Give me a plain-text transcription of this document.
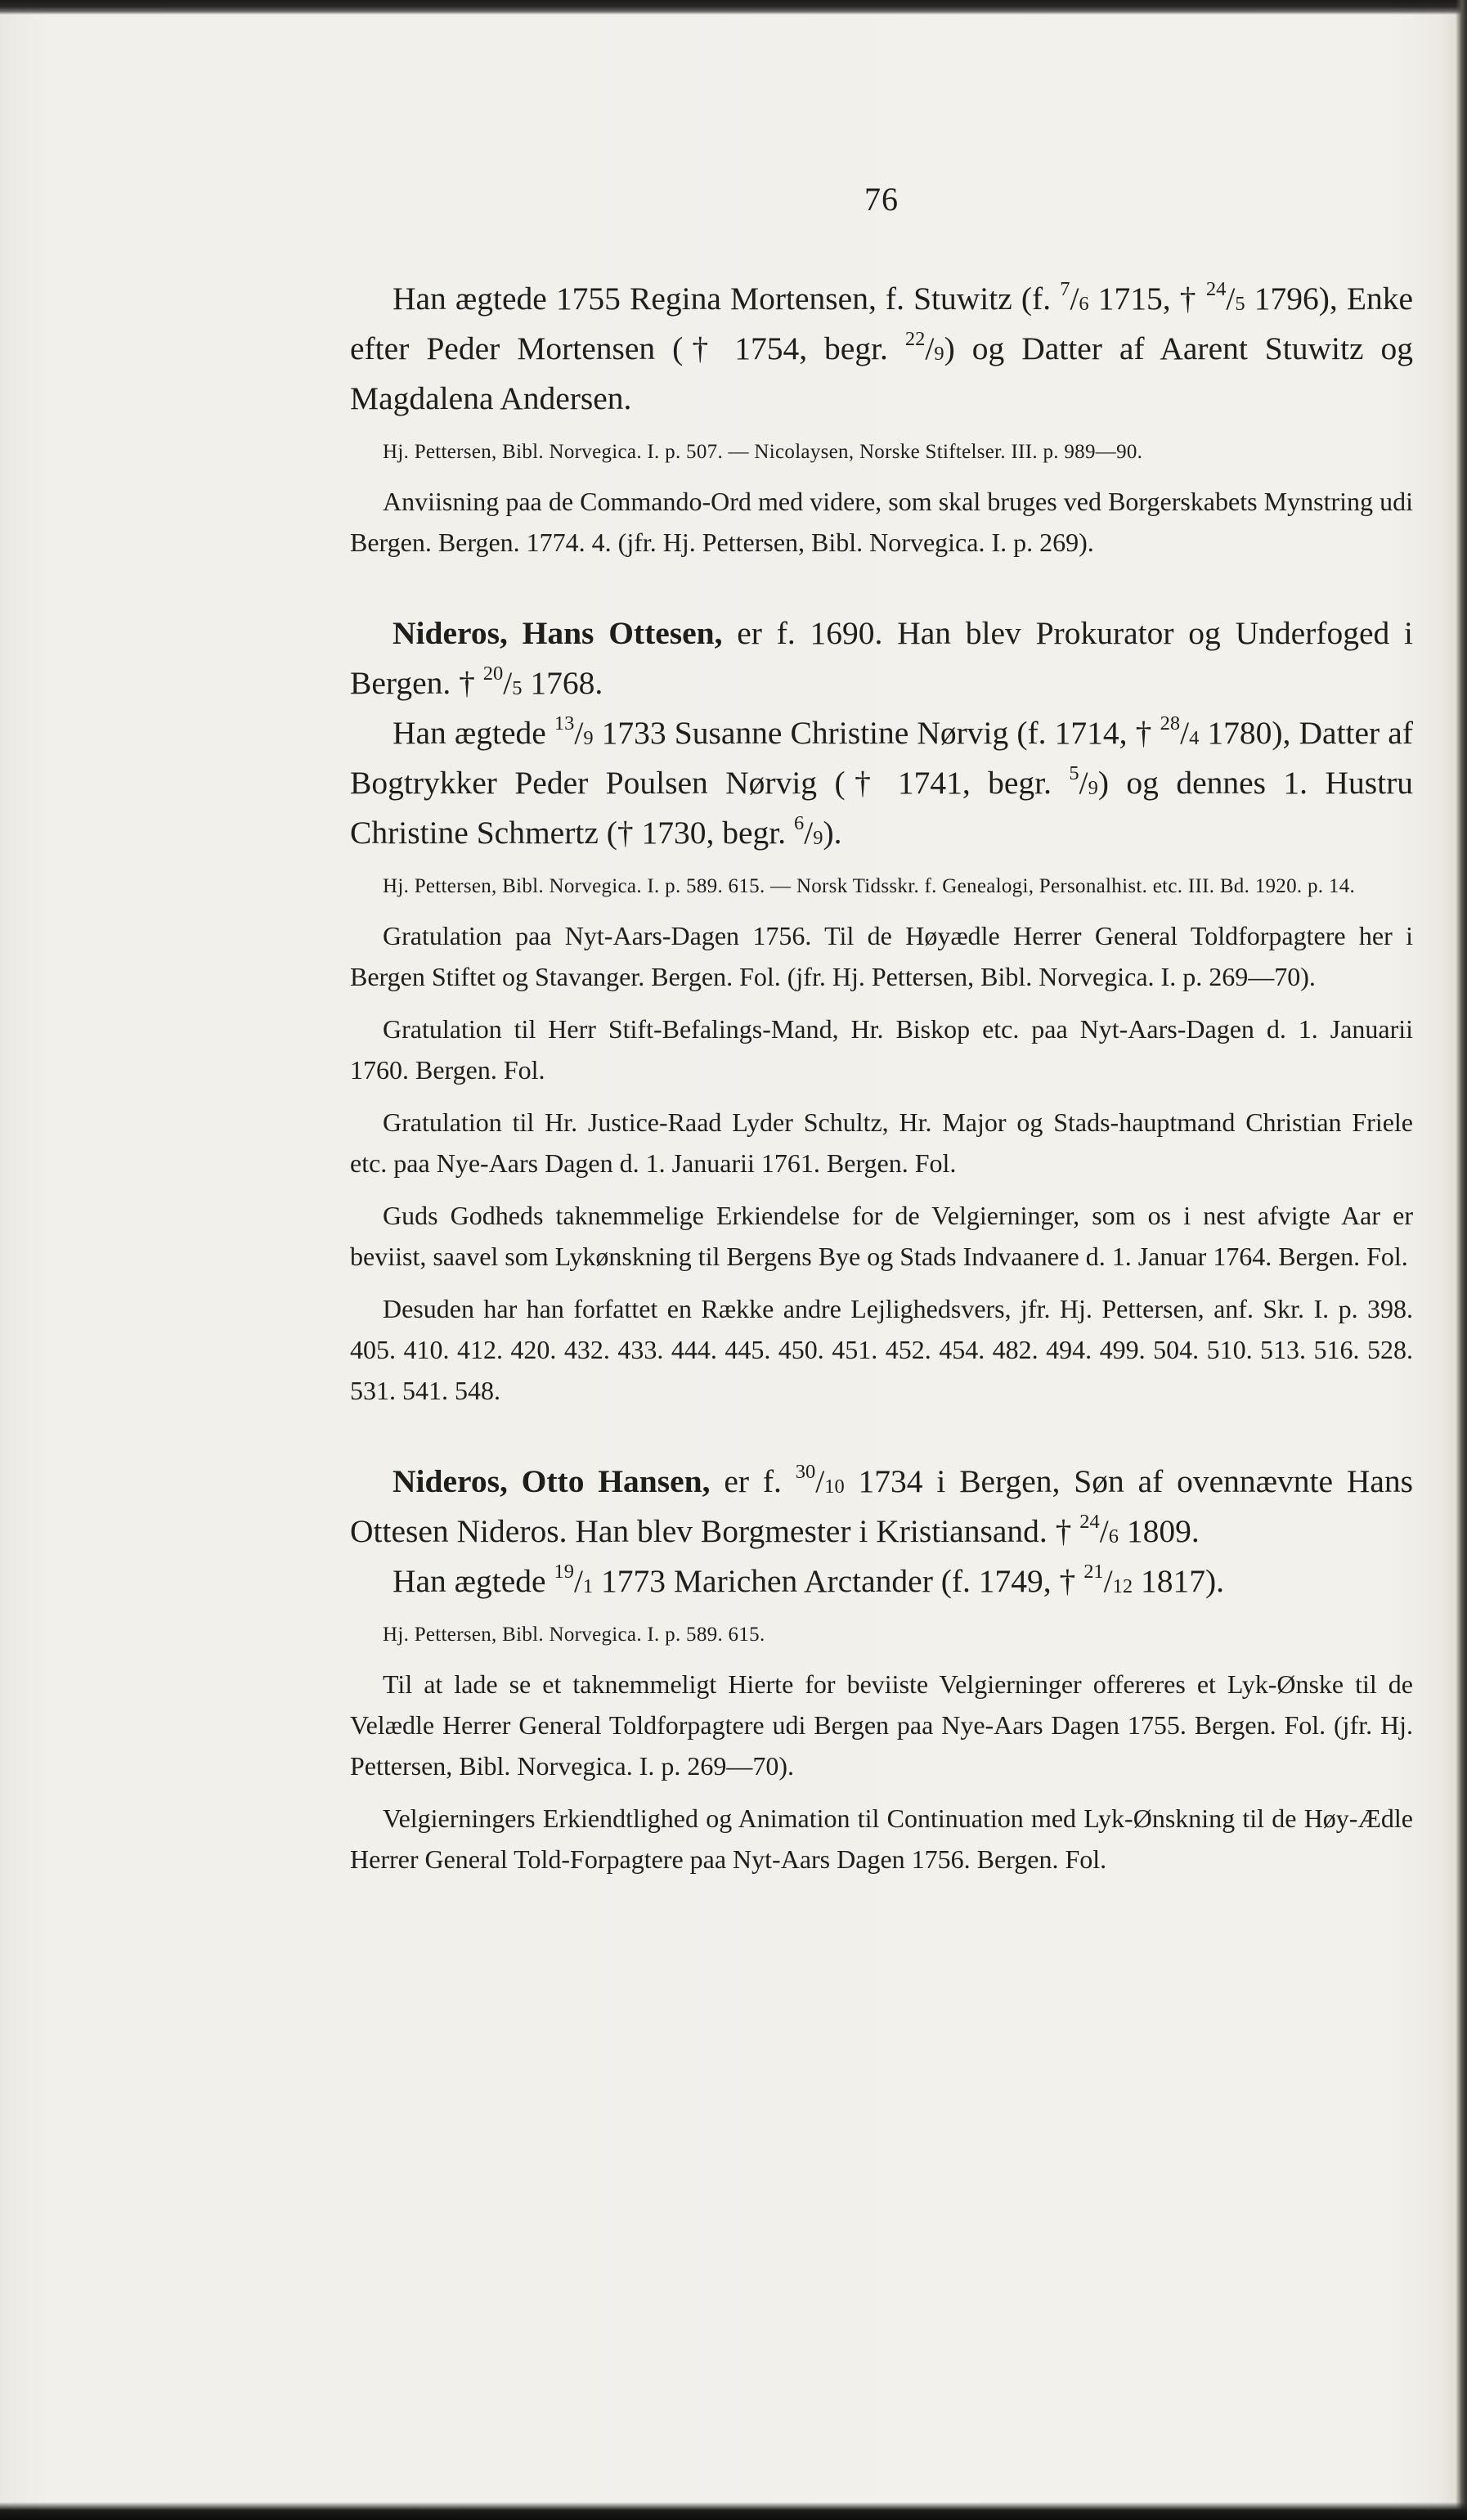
76

Han ægtede 1755 Regina Mortensen, f. Stuwitz (f. $^7/_6$ 1715, † $^{24}/_5$ 1796), Enke efter Peder Mortensen († 1754, begr. $^{22}/_9$) og Datter af Aarent Stuwitz og Magdalena Andersen.

Hj. Pettersen, Bibl. Norvegica. I. p. 507. — Nicolaysen, Norske Stiftelser. III. p. 989—90.

Anviisning paa de Commando-Ord med videre, som skal bruges ved Borgerskabets Mynstring udi Bergen. Bergen. 1774. 4. (jfr. Hj. Pettersen, Bibl. Norvegica. I. p. 269).

Nideros, Hans Ottesen, er f. 1690. Han blev Prokurator og Underfoged i Bergen. † $^{20}/_5$ 1768.

Han ægtede $^{13}/_9$ 1733 Susanne Christine Nørvig (f. 1714, † $^{28}/_4$ 1780), Datter af Bogtrykker Peder Poulsen Nørvig († 1741, begr. $^5/_9$) og dennes 1. Hustru Christine Schmertz († 1730, begr. $^6/_9$).

Hj. Pettersen, Bibl. Norvegica. I. p. 589. 615. — Norsk Tidsskr. f. Genealogi, Personalhist. etc. III. Bd. 1920. p. 14.

Gratulation paa Nyt-Aars-Dagen 1756. Til de Høyædle Herrer General Toldforpagtere her i Bergen Stiftet og Stavanger. Bergen. Fol. (jfr. Hj. Pettersen, Bibl. Norvegica. I. p. 269—70).

Gratulation til Herr Stift-Befalings-Mand, Hr. Biskop etc. paa Nyt-Aars-Dagen d. 1. Januarii 1760. Bergen. Fol.

Gratulation til Hr. Justice-Raad Lyder Schultz, Hr. Major og Stads-hauptmand Christian Friele etc. paa Nye-Aars Dagen d. 1. Januarii 1761. Bergen. Fol.

Guds Godheds taknemmelige Erkiendelse for de Velgierninger, som os i nest afvigte Aar er beviist, saavel som Lykønskning til Bergens Bye og Stads Indvaanere d. 1. Januar 1764. Bergen. Fol.

Desuden har han forfattet en Række andre Lejlighedsvers, jfr. Hj. Pettersen, anf. Skr. I. p. 398. 405. 410. 412. 420. 432. 433. 444. 445. 450. 451. 452. 454. 482. 494. 499. 504. 510. 513. 516. 528. 531. 541. 548.

Nideros, Otto Hansen, er f. $^{30}/_{10}$ 1734 i Bergen, Søn af ovennævnte Hans Ottesen Nideros. Han blev Borgmester i Kristiansand. † $^{24}/_6$ 1809.

Han ægtede $^{19}/_1$ 1773 Marichen Arctander (f. 1749, † $^{21}/_{12}$ 1817).

Hj. Pettersen, Bibl. Norvegica. I. p. 589. 615.

Til at lade se et taknemmeligt Hierte for beviiste Velgierninger offereres et Lyk-Ønske til de Velædle Herrer General Toldforpagtere udi Bergen paa Nye-Aars Dagen 1755. Bergen. Fol. (jfr. Hj. Pettersen, Bibl. Norvegica. I. p. 269—70).

Velgierningers Erkiendtlighed og Animation til Continuation med Lyk-Ønskning til de Høy-Ædle Herrer General Told-Forpagtere paa Nyt-Aars Dagen 1756. Bergen. Fol.
